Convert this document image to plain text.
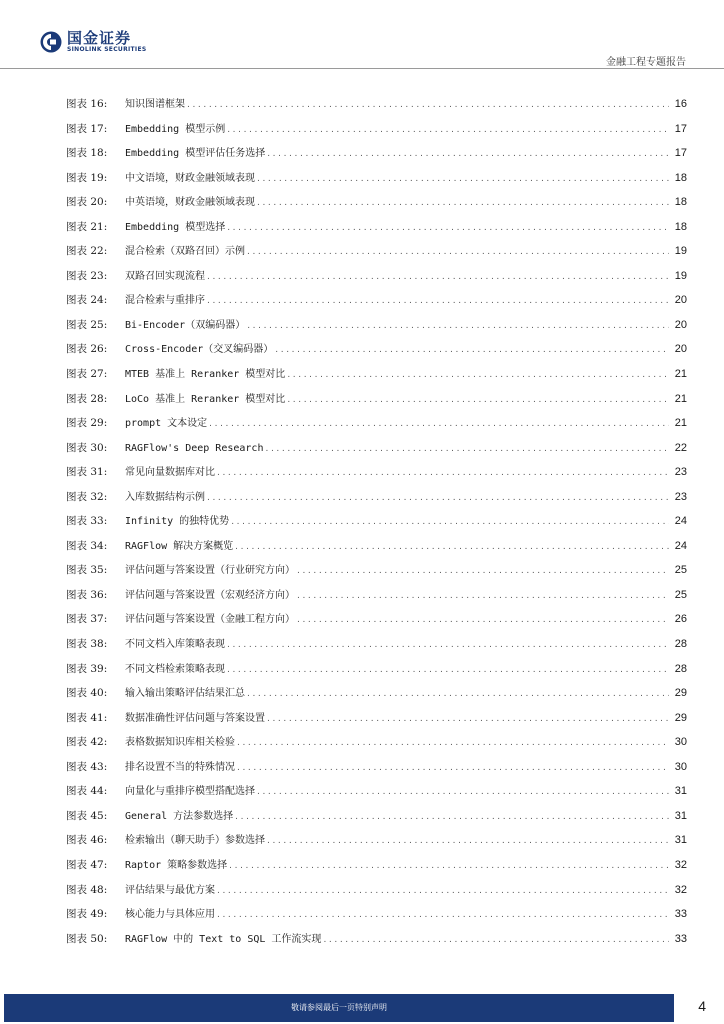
国金证券
SINOLINK SECURITIES
金融工程专题报告
图表 16:	知识图谱框架 .....	16
图表 17:	Embedding 模型示例 .....	17
图表 18:	Embedding 模型评估任务选择 .....	17
图表 19:	中文语境，财政金融领域表现 .....	18
图表 20:	中英语境，财政金融领域表现 .....	18
图表 21:	Embedding 模型选择 .....	18
图表 22:	混合检索（双路召回）示例 .....	19
图表 23:	双路召回实现流程 .....	19
图表 24:	混合检索与重排序 .....	20
图表 25:	Bi-Encoder（双编码器） .....	20
图表 26:	Cross-Encoder（交叉编码器） .....	20
图表 27:	MTEB 基准上 Reranker 模型对比 .....	21
图表 28:	LoCo 基准上 Reranker 模型对比 .....	21
图表 29:	prompt 文本设定 .....	21
图表 30:	RAGFlow's Deep Research .....	22
图表 31:	常见向量数据库对比 .....	23
图表 32:	入库数据结构示例 .....	23
图表 33:	Infinity 的独特优势 .....	24
图表 34:	RAGFlow 解决方案概览 .....	24
图表 35:	评估问题与答案设置（行业研究方向） .....	25
图表 36:	评估问题与答案设置（宏观经济方向） .....	25
图表 37:	评估问题与答案设置（金融工程方向） .....	26
图表 38:	不同文档入库策略表现 .....	28
图表 39:	不同文档检索策略表现 .....	28
图表 40:	输入输出策略评估结果汇总 .....	29
图表 41:	数据准确性评估问题与答案设置 .....	29
图表 42:	表格数据知识库相关检验 .....	30
图表 43:	排名设置不当的特殊情况 .....	30
图表 44:	向量化与重排序模型搭配选择 .....	31
图表 45:	General 方法参数选择 .....	31
图表 46:	检索输出（聊天助手）参数选择 .....	31
图表 47:	Raptor 策略参数选择 .....	32
图表 48:	评估结果与最优方案 .....	32
图表 49:	核心能力与具体应用 .....	33
图表 50:	RAGFlow 中的 Text to SQL 工作流实现 .....	33
敬请参阅最后一页特别声明	4
